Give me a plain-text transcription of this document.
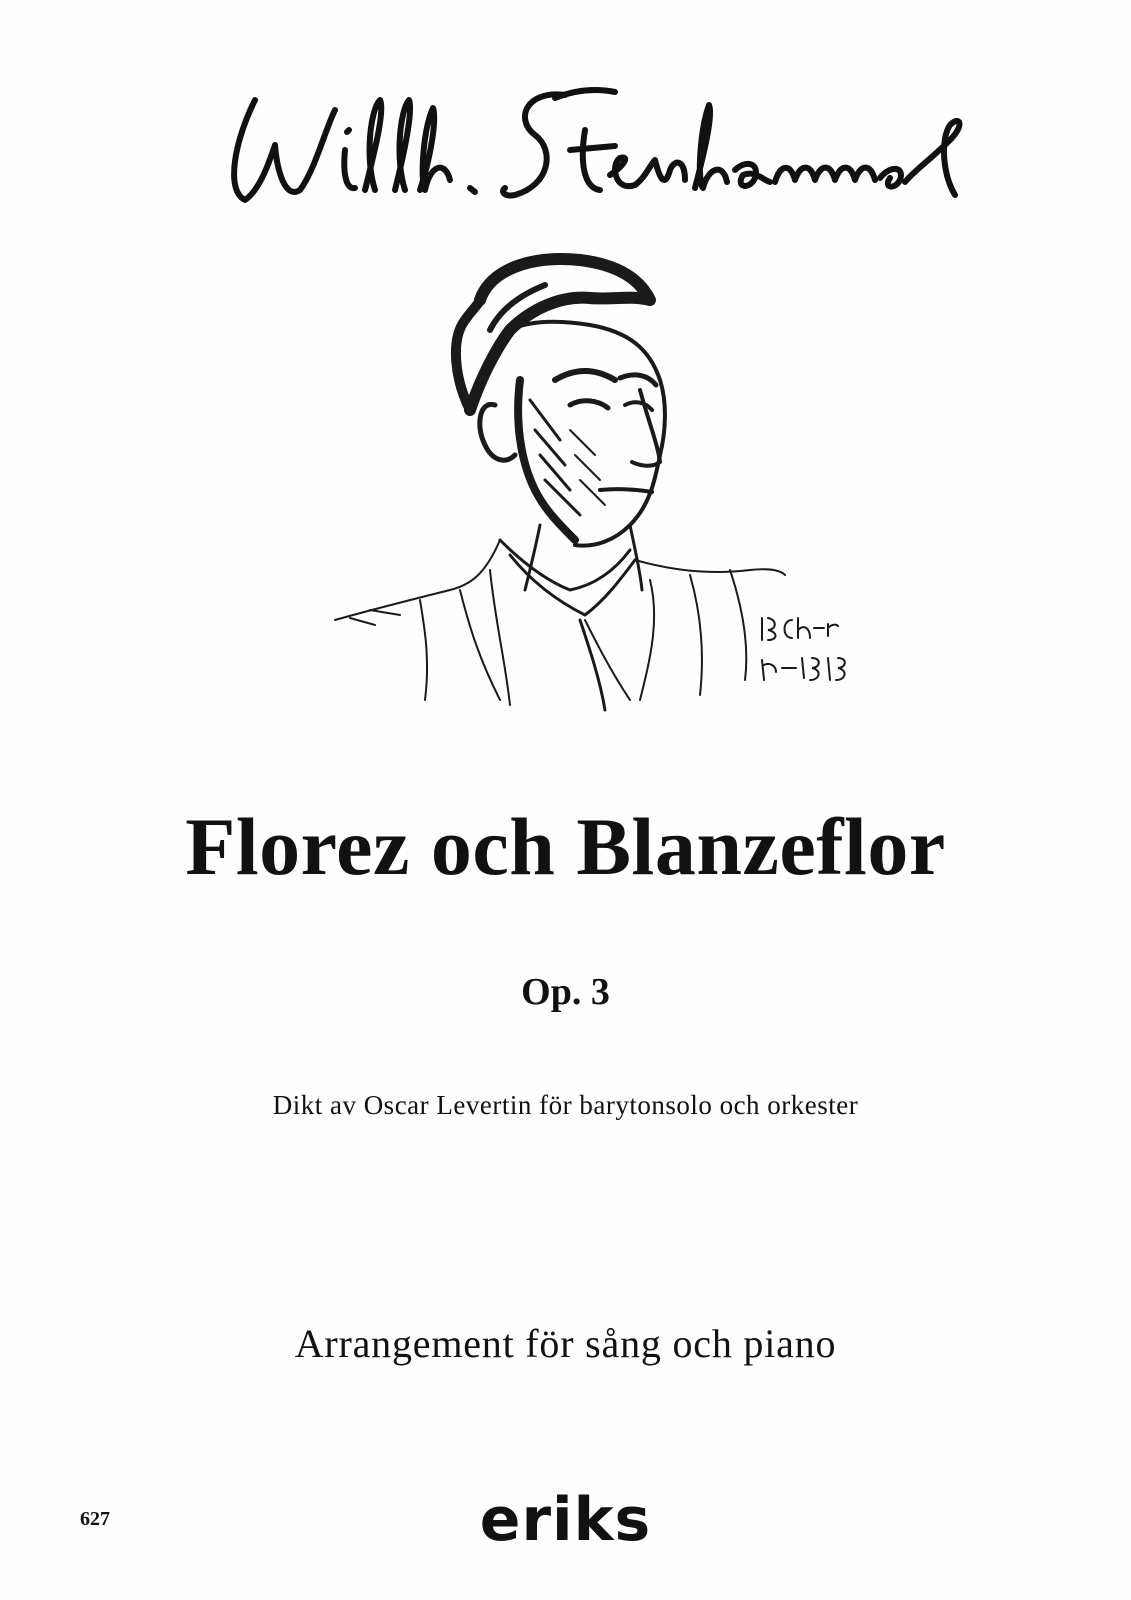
Florez och Blanzeflor
Op. 3
Dikt av Oscar Levertin för barytonsolo och orkester
Arrangement för sång och piano
eriks
627
